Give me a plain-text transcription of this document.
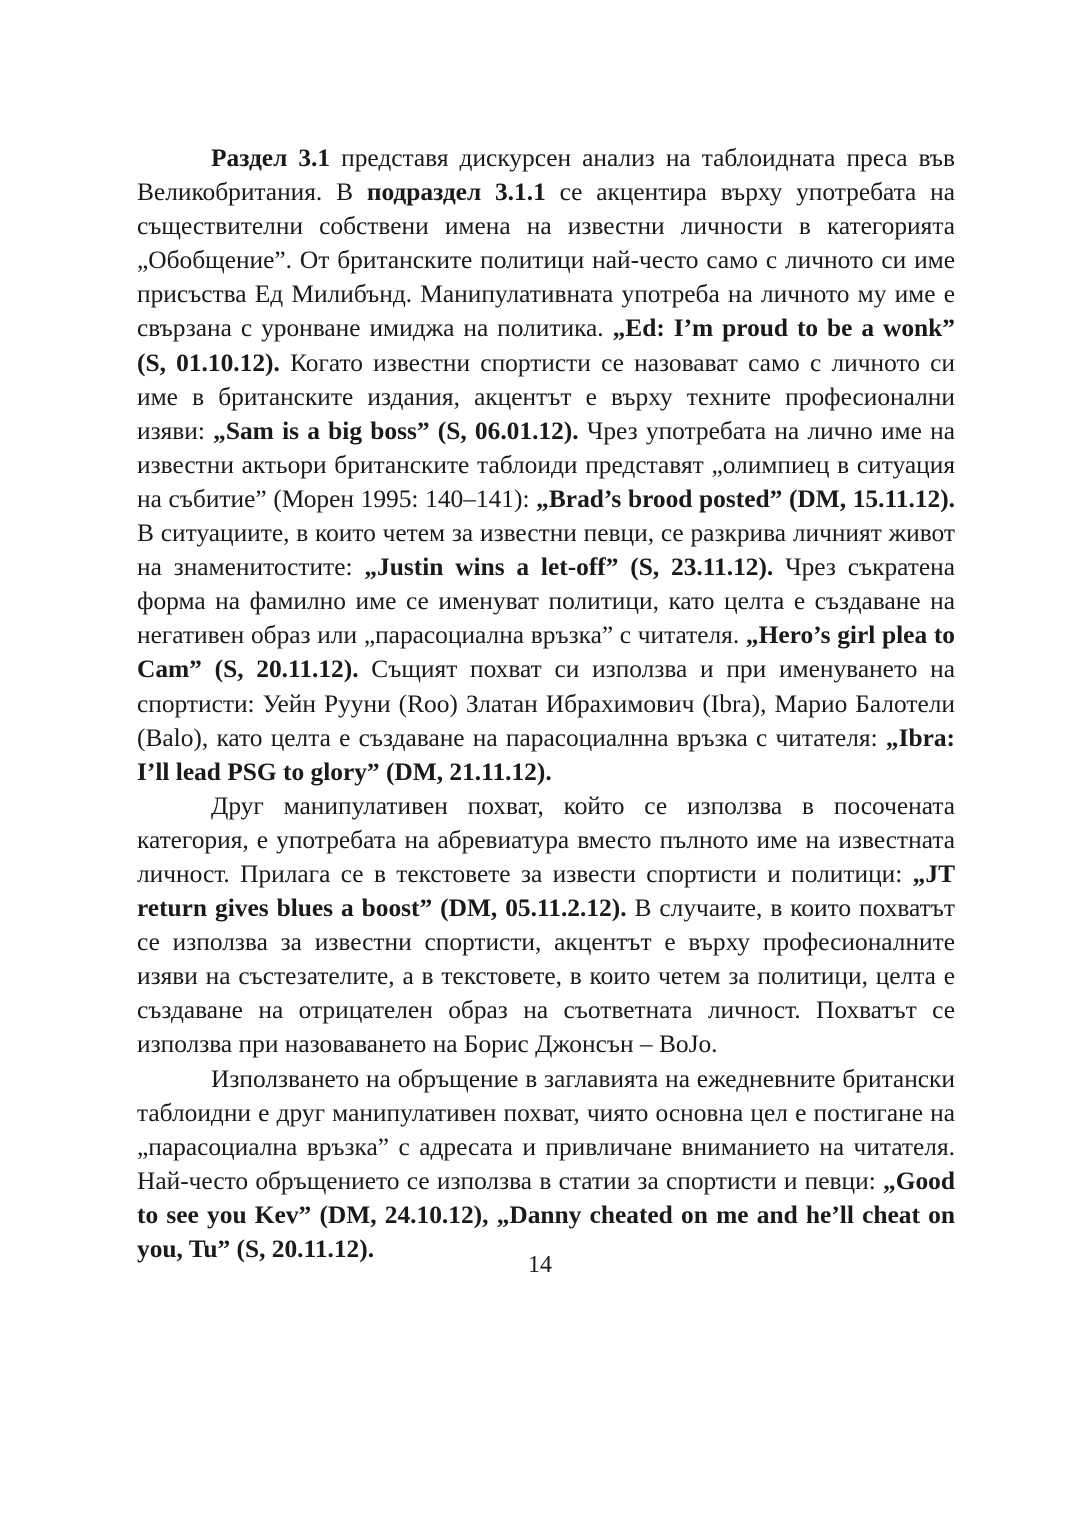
Раздел 3.1 представя дискурсен анализ на таблоидната преса във Великобритания. В подраздел 3.1.1 се акцентира върху употребата на съществителни собствени имена на известни личности в категорията „Обобщение”. От британските политици най-често само с личното си име присъства Ед Милибънд. Манипулативната употреба на личното му име е свързана с уронване имиджа на политика. „Ed: I’m proud to be a wonk” (S, 01.10.12). Когато известни спортисти се назовават само с личното си име в британските издания, акцентът е върху техните професионални изяви: „Sam is a big boss” (S, 06.01.12). Чрез употребата на лично име на известни актьори британските таблоиди представят „олимпиец в ситуация на събитие” (Морен 1995: 140–141): „Brad’s brood posted” (DM, 15.11.12). В ситуациите, в които четем за известни певци, се разкрива личният живот на знаменитостите: „Justin wins a let-off” (S, 23.11.12). Чрез съкратена форма на фамилно име се именуват политици, като целта е създаване на негативен образ или „парасоциална връзка” с читателя. „Hero’s girl plea to Cam” (S, 20.11.12). Същият похват си използва и при именуването на спортисти: Уейн Рууни (Roo) Златан Ибрахимович (Ibra), Марио Балотели (Balo), като целта е създаване на парасоциалнна връзка с читателя: „Ibra: I’ll lead PSG to glory” (DM, 21.11.12).

Друг манипулативен похват, който се използва в посочената категория, е употребата на абревиатура вместо пълното име на известната личност. Прилага се в текстовете за извести спортисти и политици: „JT return gives blues a boost” (DM, 05.11.2.12). В случаите, в които похватът се използва за известни спортисти, акцентът е върху професионалните изяви на състезателите, а в текстовете, в които четем за политици, целта е създаване на отрицателен образ на съответната личност. Похватът се използва при назоваването на Борис Джонсън – BoJo.

Използването на обръщение в заглавията на ежедневните британски таблоидни е друг манипулативен похват, чиято основна цел е постигане на „парасоциална връзка” с адресата и привличане вниманието на читателя. Най-често обръщението се използва в статии за спортисти и певци: „Good to see you Kev” (DM, 24.10.12), „Danny cheated on me and he’ll cheat on you, Tu” (S, 20.11.12).

14
